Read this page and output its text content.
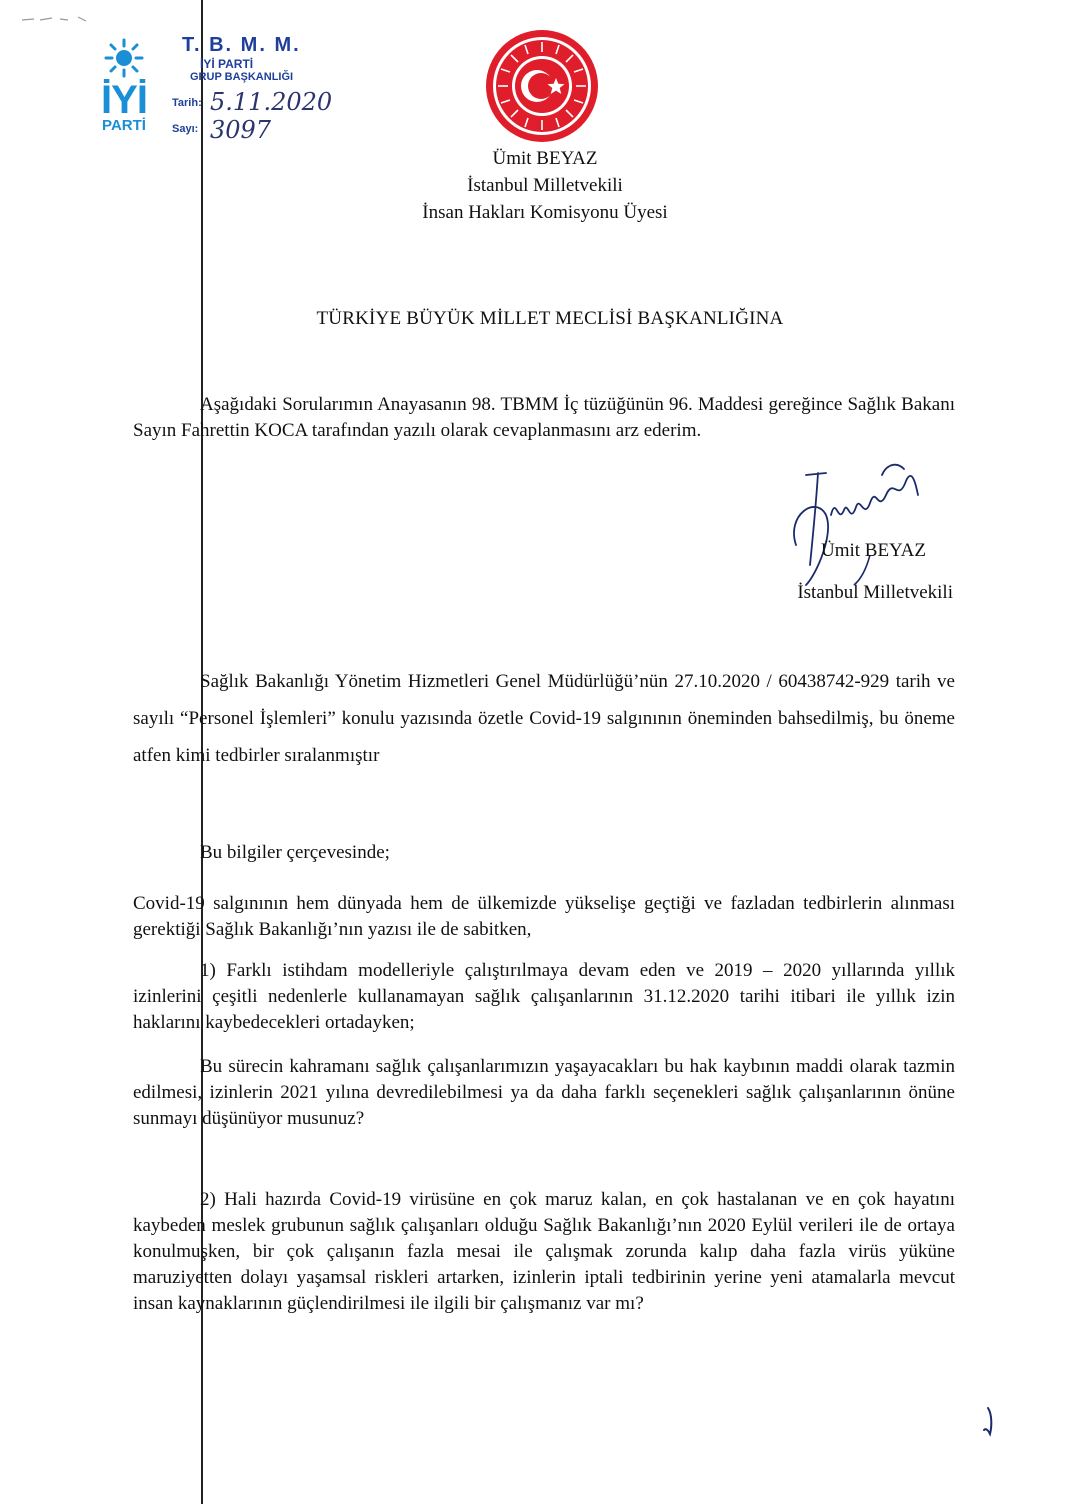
İYİ
PARTİ
T. B. M. M.
İYİ PARTİ
GRUP BAŞKANLIĞI
Tarih: 5.11.2020
Sayı: 3097
Ümit BEYAZ
İstanbul Milletvekili
İnsan Hakları Komisyonu Üyesi
TÜRKİYE BÜYÜK MİLLET MECLİSİ BAŞKANLIĞINA
Aşağıdaki Sorularımın Anayasanın 98. TBMM İç tüzüğünün 96. Maddesi gereğince Sağlık Bakanı Sayın Fahrettin KOCA tarafından yazılı olarak cevaplanmasını arz ederim.
Ümit BEYAZ
İstanbul Milletvekili
Sağlık Bakanlığı Yönetim Hizmetleri Genel Müdürlüğü’nün 27.10.2020 / 60438742-929 tarih ve sayılı “Personel İşlemleri” konulu yazısında özetle Covid-19 salgınının öneminden bahsedilmiş, bu öneme atfen kimi tedbirler sıralanmıştır
Bu bilgiler çerçevesinde;
Covid-19 salgınının hem dünyada hem de ülkemizde yükselişe geçtiği ve fazladan tedbirlerin alınması gerektiği Sağlık Bakanlığı’nın yazısı ile de sabitken,
1) Farklı istihdam modelleriyle çalıştırılmaya devam eden ve 2019 – 2020 yıllarında yıllık izinlerini çeşitli nedenlerle kullanamayan sağlık çalışanlarının 31.12.2020 tarihi itibari ile yıllık izin haklarını kaybedecekleri ortadayken;
Bu sürecin kahramanı sağlık çalışanlarımızın yaşayacakları bu hak kaybının maddi olarak tazmin edilmesi, izinlerin 2021 yılına devredilebilmesi ya da daha farklı seçenekleri sağlık çalışanlarının önüne sunmayı düşünüyor musunuz?
2) Hali hazırda Covid-19 virüsüne en çok maruz kalan, en çok hastalanan ve en çok hayatını kaybeden meslek grubunun sağlık çalışanları olduğu Sağlık Bakanlığı’nın 2020 Eylül verileri ile de ortaya konulmuşken, bir çok çalışanın fazla mesai ile çalışmak zorunda kalıp daha fazla virüs yüküne maruziyetten dolayı yaşamsal riskleri artarken, izinlerin iptali tedbirinin yerine yeni atamalarla mevcut insan kaynaklarının güçlendirilmesi ile ilgili bir çalışmanız var mı?
